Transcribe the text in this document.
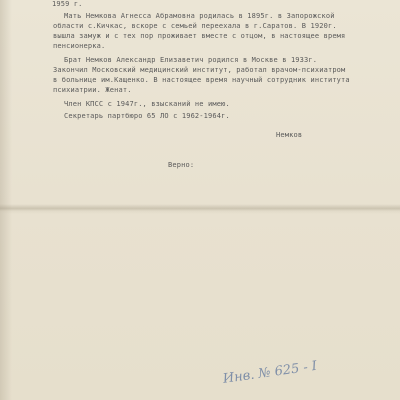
1959 г.
Мать Немкова Агнесса Абрамовна родилась в 1895г. в Запорожской
области с.Кичкас, вскоре с семьей переехала в г.Саратов. В 1920г.
вышла замуж и с тех пор проживает вместе с отцом, в настоящее время
пенсионерка.
Брат Немков Александр Елизаветич родился в Москве в 1933г.
Закончил Московский медицинский институт, работал врачом-психиатром
в больнице им.Кащенко. В настоящее время научный сотрудник института
психиатрии. Женат.
Член КПСС с 1947г., взысканий не имею.
Секретарь партбюро 65 ЛО с 1962-1964г.
Немков
Верно:
Инв. № 625 - I
